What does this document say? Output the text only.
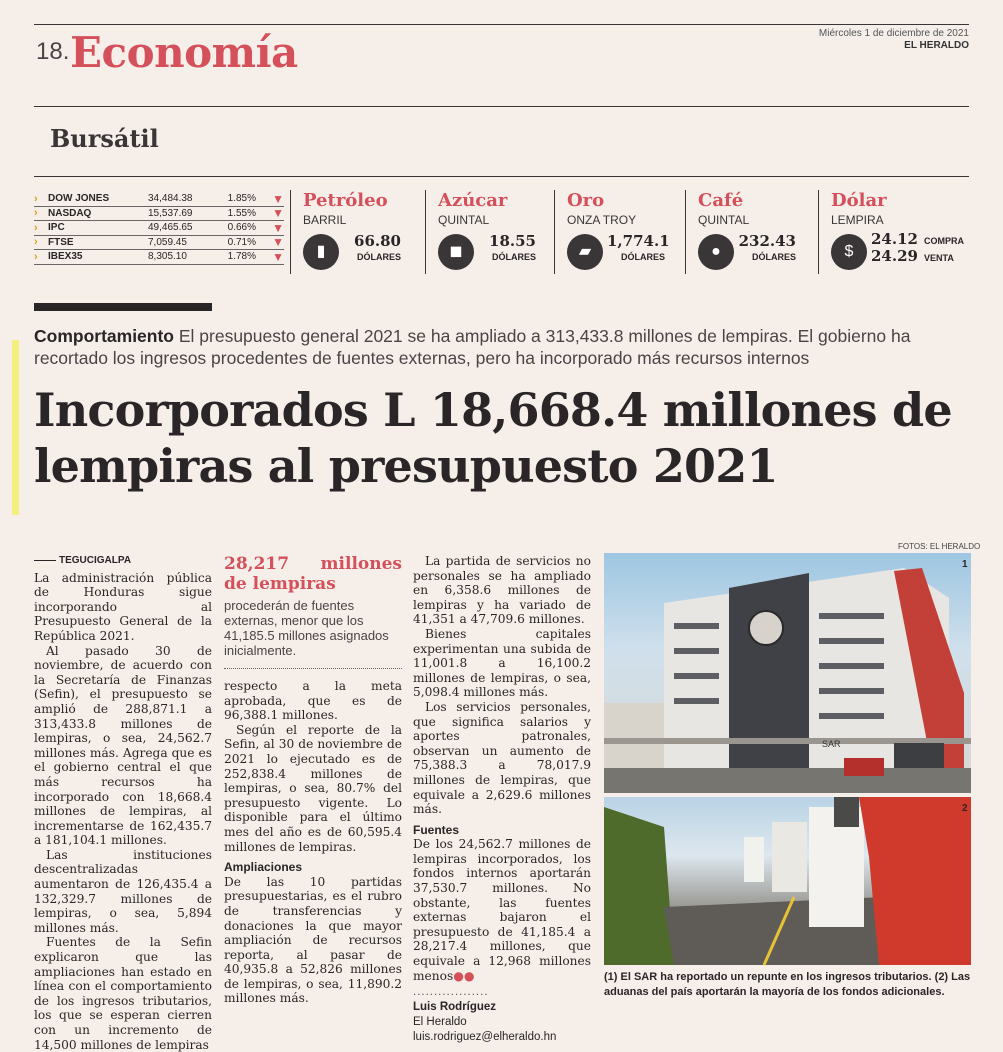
18. Economía	Miércoles 1 de diciembre de 2021
EL HERALDO
Bursátil
›	DOW JONES	34,484.38	1.85%	▼
›	NASDAQ	15,537.69	1.55%	▼
›	IPC	49,465.65	0.66%	▼
›	FTSE	7,059.45	0.71%	▼
›	IBEX35	8,305.10	1.78%	▼
Petróleo
BARRIL
▮
66.80
DÓLARES
Azúcar
QUINTAL
◼
18.55
DÓLARES
Oro
ONZA TROY
▰
1,774.1
DÓLARES
Café
QUINTAL
●
232.43
DÓLARES
Dólar
LEMPIRA
$
24.12 COMPRA
24.29 VENTA
Comportamiento El presupuesto general 2021 se ha ampliado a 313,433.8 millones de lempiras. El gobierno ha recortado los ingresos procedentes de fuentes externas, pero ha incorporado más recursos internos
Incorporados L 18,668.4 millones de lempiras al presupuesto 2021
TEGUCIGALPA

La administración pública de Honduras sigue incorporando al Presupuesto General de la República 2021.

Al pasado 30 de noviembre, de acuerdo con la Secretaría de Finanzas (Sefin), el presupuesto se amplió de 288,871.1 a 313,433.8 millones de lempiras, o sea, 24,562.7 millones más. Agrega que es el gobierno central el que más recursos ha incorporado con 18,668.4 millones de lempiras, al incrementarse de 162,435.7 a 181,104.1 millones.

Las instituciones descentralizadas aumentaron de 126,435.4 a 132,329.7 millones de lempiras, o sea, 5,894 millones más.

Fuentes de la Sefin explicaron que las ampliaciones han estado en línea con el comportamiento de los ingresos tributarios, los que se esperan cierren con un incremento de 14,500 millones de lempiras

28,217 millones de lempiras
procederán de fuentes externas, menor que los 41,185.5 millones asignados inicialmente.

respecto a la meta aprobada, que es de 96,388.1 millones.

Según el reporte de la Sefin, al 30 de noviembre de 2021 lo ejecutado es de 252,838.4 millones de lempiras, o sea, 80.7% del presupuesto vigente. Lo disponible para el último mes del año es de 60,595.4 millones de lempiras.

Ampliaciones

De las 10 partidas presupuestarias, es el rubro de transferencias y donaciones la que mayor ampliación de recursos reporta, al pasar de 40,935.8 a 52,826 millones de lempiras, o sea, 11,890.2 millones más.

La partida de servicios no personales se ha ampliado en 6,358.6 millones de lempiras y ha variado de 41,351 a 47,709.6 millones.

Bienes capitales experimentan una subida de 11,001.8 a 16,100.2 millones de lempiras, o sea, 5,098.4 millones más.

Los servicios personales, que significa salarios y aportes patronales, observan un aumento de 75,388.3 a 78,017.9 millones de lempiras, que equivale a 2,629.6 millones más.

Fuentes

De los 24,562.7 millones de lempiras incorporados, los fondos internos aportarán 37,530.7 millones. No obstante, las fuentes externas bajaron el presupuesto de 41,185.4 a 28,217.4 millones, que equivale a 12,968 millones menos●●

..................
Luis Rodríguez
El Heraldo
luis.rodriguez@elheraldo.hn
FOTOS: EL HERALDO
SAR
1
2
(1) El SAR ha reportado un repunte en los ingresos tributarios. (2) Las aduanas del país aportarán la mayoría de los fondos adicionales.
